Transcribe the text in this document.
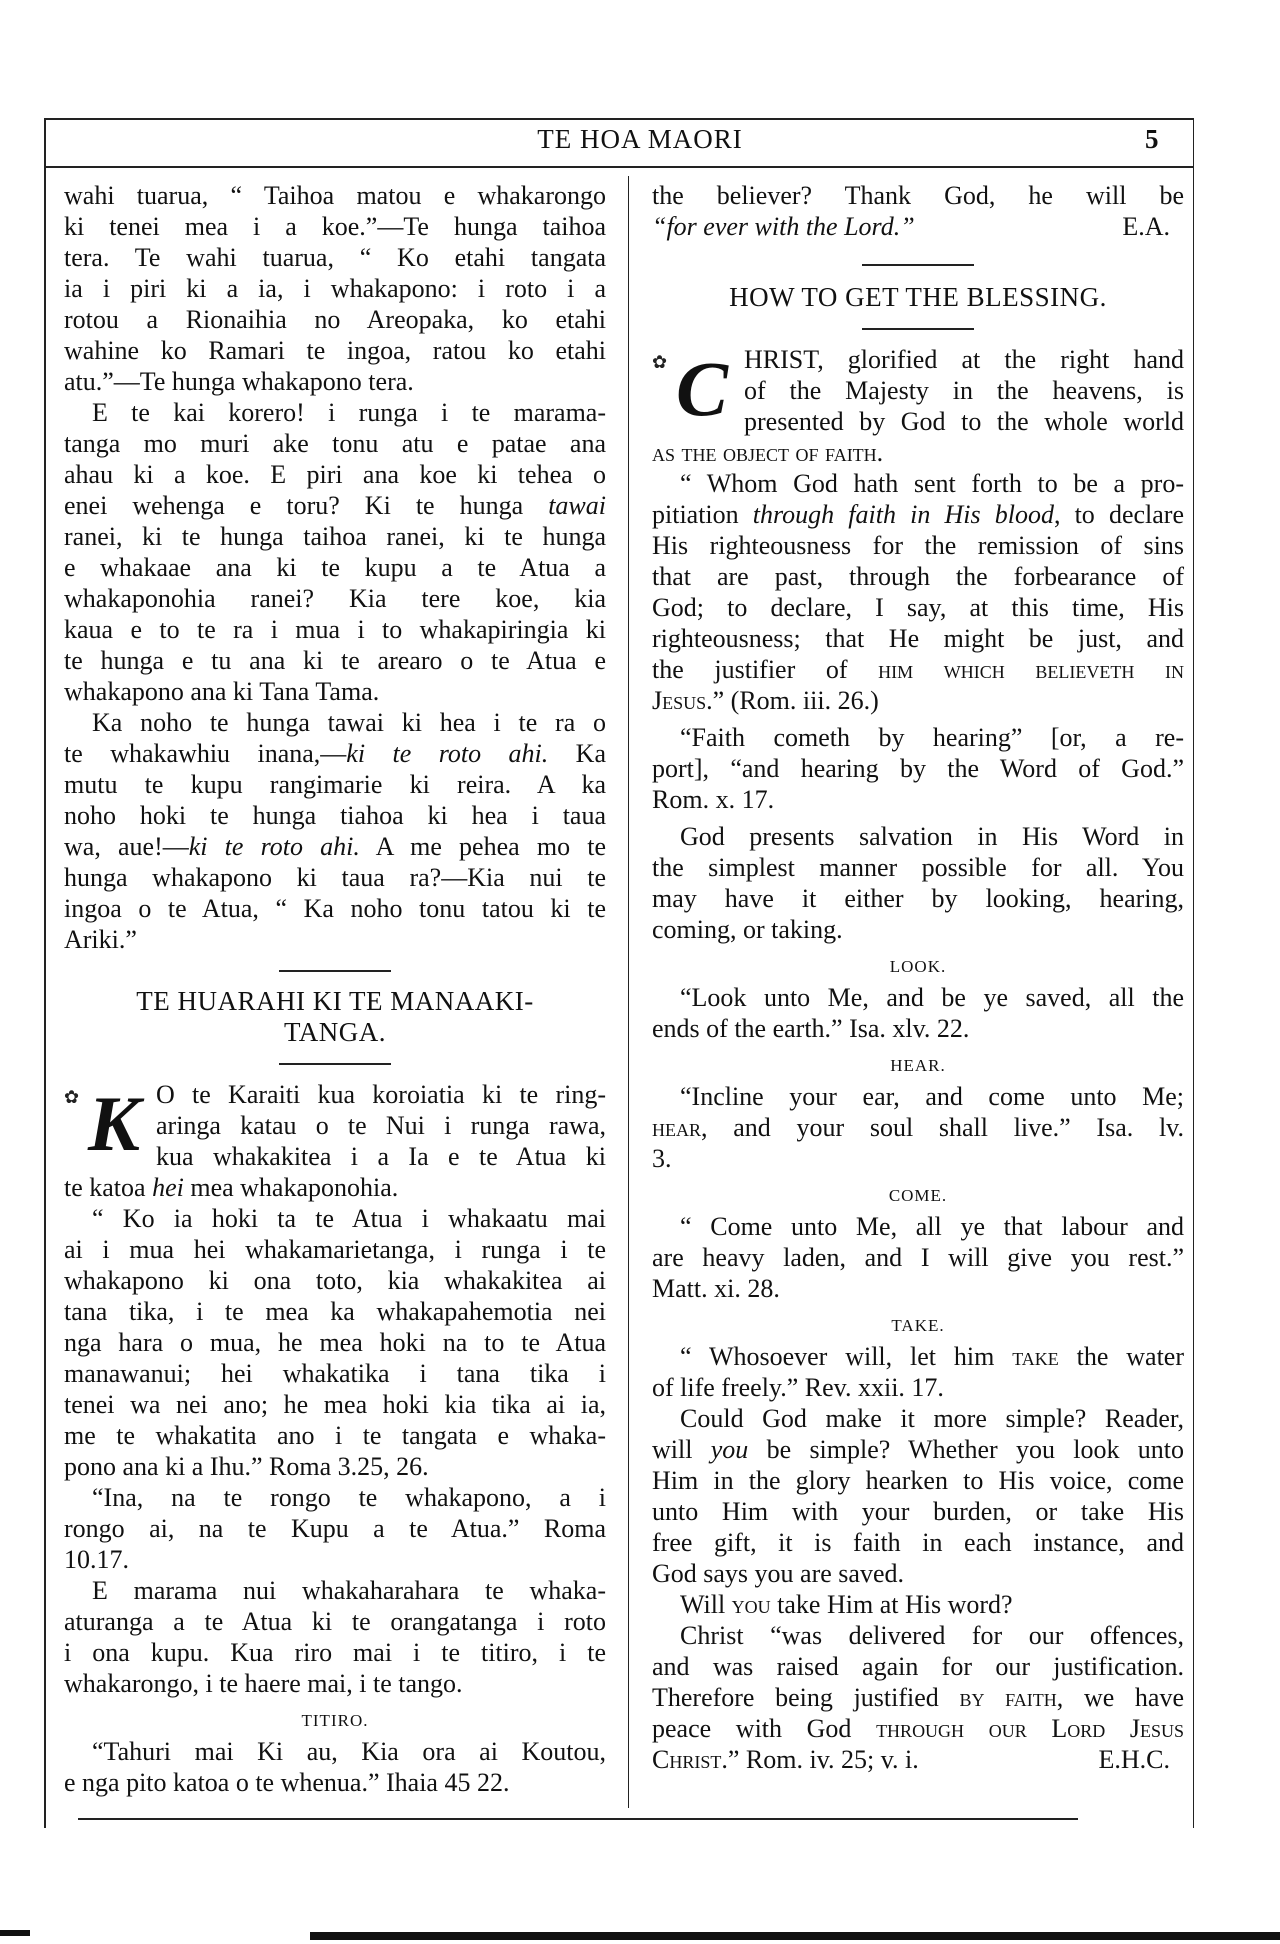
TE HOA MAORI	5
wahi tuarua, “ Taihoa matou e whakarongo
ki tenei mea i a koe.”—Te hunga taihoa
tera. Te wahi tuarua, “ Ko etahi tangata
ia i piri ki a ia, i whakapono: i roto i a
rotou a Rionaihia no Areopaka, ko etahi
wahine ko Ramari te ingoa, ratou ko etahi
atu.”—Te hunga whakapono tera.
E te kai korero! i runga i te marama-
tanga mo muri ake tonu atu e patae ana
ahau ki a koe. E piri ana koe ki tehea o
enei wehenga e toru? Ki te hunga tawai
ranei, ki te hunga taihoa ranei, ki te hunga
e whakaae ana ki te kupu a te Atua a
whakaponohia ranei? Kia tere koe, kia
kaua e to te ra i mua i to whakapiringia ki
te hunga e tu ana ki te arearo o te Atua e
whakapono ana ki Tana Tama.
Ka noho te hunga tawai ki hea i te ra o
te whakawhiu inana,—ki te roto ahi. Ka
mutu te kupu rangimarie ki reira. A ka
noho hoki te hunga tiahoa ki hea i taua
wa, aue!—ki te roto ahi. A me pehea mo te
hunga whakapono ki taua ra?—Kia nui te
ingoa o te Atua, “ Ka noho tonu tatou ki te
Ariki.”
TE HUARAHI KI TE MANAAKI-
TANGA.
✿ K O te Karaiti kua koroiatia ki te ring-
aringa katau o te Nui i runga rawa,
kua whakakitea i a Ia e te Atua ki
te katoa hei mea whakaponohia.
“ Ko ia hoki ta te Atua i whakaatu mai
ai i mua hei whakamarietanga, i runga i te
whakapono ki ona toto, kia whakakitea ai
tana tika, i te mea ka whakapahemotia nei
nga hara o mua, he mea hoki na to te Atua
manawanui; hei whakatika i tana tika i
tenei wa nei ano; he mea hoki kia tika ai ia,
me te whakatita ano i te tangata e whaka-
pono ana ki a Ihu.” Roma 3.25, 26.
“Ina, na te rongo te whakapono, a i
rongo ai, na te Kupu a te Atua.” Roma
10.17.
E marama nui whakaharahara te whaka-
aturanga a te Atua ki te orangatanga i roto
i ona kupu. Kua riro mai i te titiro, i te
whakarongo, i te haere mai, i te tango.
TITIRO.
“Tahuri mai Ki au, Kia ora ai Koutou,
e nga pito katoa o te whenua.” Ihaia 45 22.
the believer? Thank God, he will be
“for ever with the Lord.”	E.A.
HOW TO GET THE BLESSING.
✿ C HRIST, glorified at the right hand
of the Majesty in the heavens, is
presented by God to the whole world
as the object of faith.
“ Whom God hath sent forth to be a pro-
pitiation through faith in His blood, to declare
His righteousness for the remission of sins
that are past, through the forbearance of
God; to declare, I say, at this time, His
righteousness; that He might be just, and
the justifier of him which believeth in
Jesus.” (Rom. iii. 26.)
“Faith cometh by hearing” [or, a re-
port], “and hearing by the Word of God.”
Rom. x. 17.
God presents salvation in His Word in
the simplest manner possible for all. You
may have it either by looking, hearing,
coming, or taking.
LOOK.
“Look unto Me, and be ye saved, all the
ends of the earth.” Isa. xlv. 22.
HEAR.
“Incline your ear, and come unto Me;
hear, and your soul shall live.” Isa. lv.
3.
COME.
“ Come unto Me, all ye that labour and
are heavy laden, and I will give you rest.”
Matt. xi. 28.
TAKE.
“ Whosoever will, let him take the water
of life freely.” Rev. xxii. 17.
Could God make it more simple? Reader,
will you be simple? Whether you look unto
Him in the glory hearken to His voice, come
unto Him with your burden, or take His
free gift, it is faith in each instance, and
God says you are saved.
Will you take Him at His word?
Christ “was delivered for our offences,
and was raised again for our justification.
Therefore being justified by faith, we have
peace with God through our Lord Jesus
Christ.” Rom. iv. 25; v. i.	E.H.C.
